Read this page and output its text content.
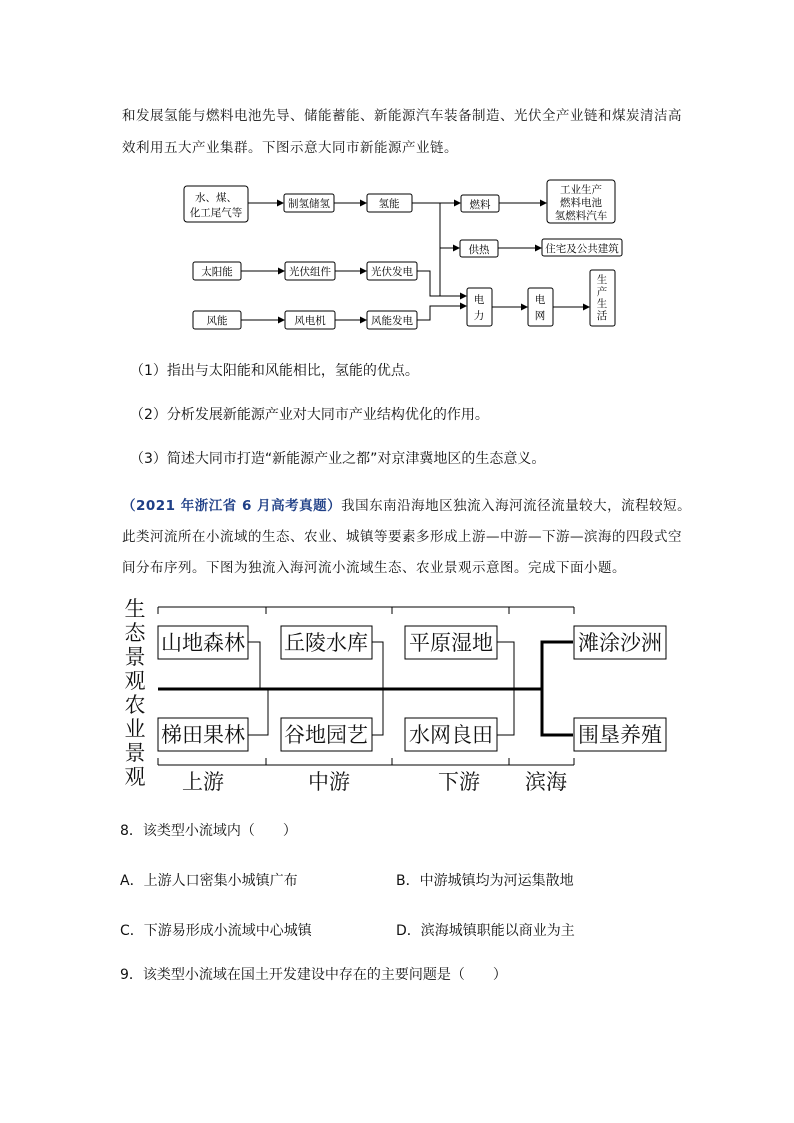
和发展氢能与燃料电池先导、储能蓄能、新能源汽车装备制造、光伏全产业链和煤炭清洁高
效利用五大产业集群。下图示意大同市新能源产业链。
水、煤、
化工尾气等
制氢储氢	氢能	燃料
工业生产
燃料电池
氢燃料汽车
供热	住宅及公共建筑
太阳能	光伏组件	光伏发电
风能	风电机	风能发电
电
力
电
网
生
产
生
活
（1）指出与太阳能和风能相比，氢能的优点。
（2）分析发展新能源产业对大同市产业结构优化的作用。
（3）简述大同市打造“新能源产业之都”对京津冀地区的生态意义。
（2021 年浙江省 6 月高考真题）我国东南沿海地区独流入海河流径流量较大，流程较短。
此类河流所在小流域的生态、农业、城镇等要素多形成上游—中游—下游—滨海的四段式空
间分布序列。下图为独流入海河流小流域生态、农业景观示意图。完成下面小题。
生
态
景
观
农
业
景
观
山地森林 丘陵水库 平原湿地	滩涂沙洲
梯田果林 谷地园艺 水网良田	围垦养殖
上游	中游	下游 滨海
8．该类型小流域内（　　）
A．上游人口密集小城镇广布	B．中游城镇均为河运集散地
C．下游易形成小流域中心城镇	D．滨海城镇职能以商业为主
9．该类型小流域在国土开发建设中存在的主要问题是（　　）
